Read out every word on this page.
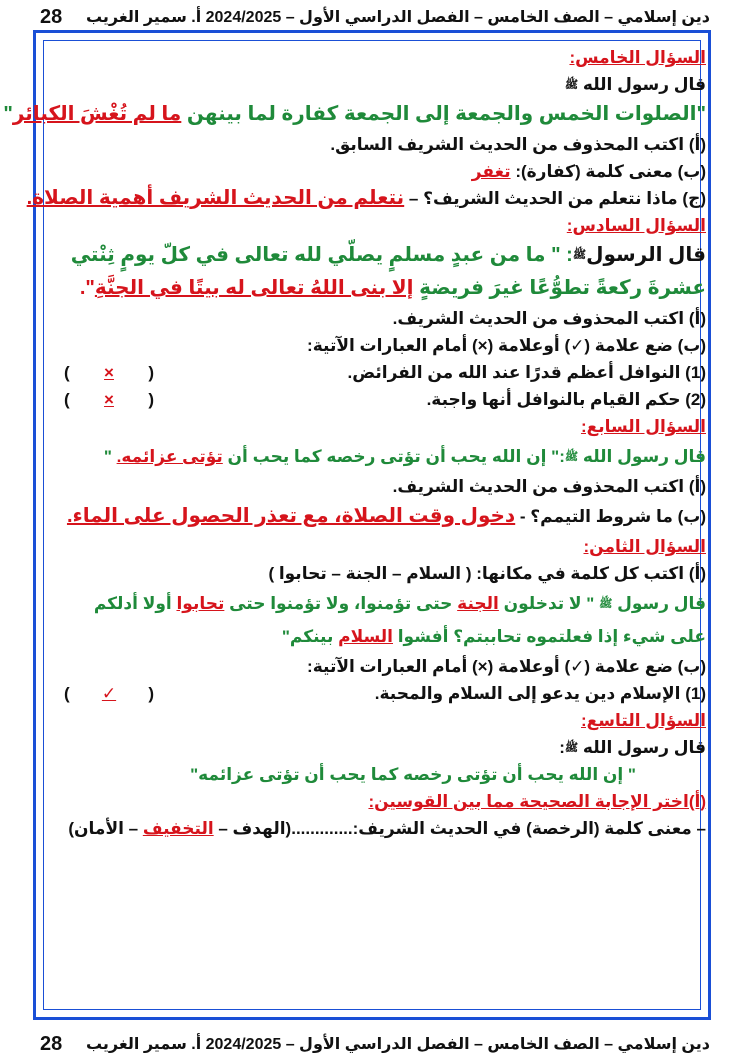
28 دين إسلامي – الصف الخامس – الفصل الدراسي الأول – 2024/2025 أ. سمير الغريب
السؤال الخامس:
قال رسول الله ﷺ
"الصلوات الخمس والجمعة إلى الجمعة كفارة لما بينهن ما لم تُغْشَ الكبائر"
(أ) اكتب المحذوف من الحديث الشريف السابق.
(ب) معنى كلمة (كفارة): تغفر
(ج) ماذا نتعلم من الحديث الشريف؟ – نتعلم من الحديث الشريف أهمية الصلاة.
السؤال السادس:
قال الرسولﷺ: " ما من عبدٍ مسلمٍ يصلّي لله تعالى في كلّ يومٍ ثِنْتي
عشرةَ ركعةً تطوُّعًا غيرَ فريضةٍ إلا بنى اللهُ تعالى له بيتًا في الجنَّةِ".
(أ) اكتب المحذوف من الحديث الشريف.
(ب) ضع علامة (✓) أوعلامة (×) أمام العبارات الآتية:
(1) النوافل أعظم قدرًا عند الله من الفرائض.
( × )
(2) حكم القيام بالنوافل أنها واجبة.
( × )
السؤال السابع:
قال رسول الله ﷺ:" إن الله يحب أن تؤتى رخصه كما يحب أن تؤتى عزائمه. "
(أ) اكتب المحذوف من الحديث الشريف.
(ب) ما شروط التيمم؟ - دخول وقت الصلاة، مع تعذر الحصول على الماء.
السؤال الثامن:
(أ) اكتب كل كلمة في مكانها: ( السلام – الجنة – تحابوا )
قال رسول ﷺ " لا تدخلون الجنة حتى تؤمنوا، ولا تؤمنوا حتى تحابوا أولا أدلكم
على شيء إذا فعلتموه تحاببتم؟ أفشوا السلام بينكم"
(ب) ضع علامة (✓) أوعلامة (×) أمام العبارات الآتية:
(1) الإسلام دين يدعو إلى السلام والمحبة.
( ✓ )
السؤال التاسع:
قال رسول الله ﷺ:
" إن الله يحب أن تؤتى رخصه كما يحب أن تؤتى عزائمه"
(أ)اختر الإجابة الصحيحة مما بين القوسين:
– معنى كلمة (الرخصة) في الحديث الشريف:.............(الهدف – التخفيف – الأمان)
28 دين إسلامي – الصف الخامس – الفصل الدراسي الأول – 2024/2025 أ. سمير الغريب
